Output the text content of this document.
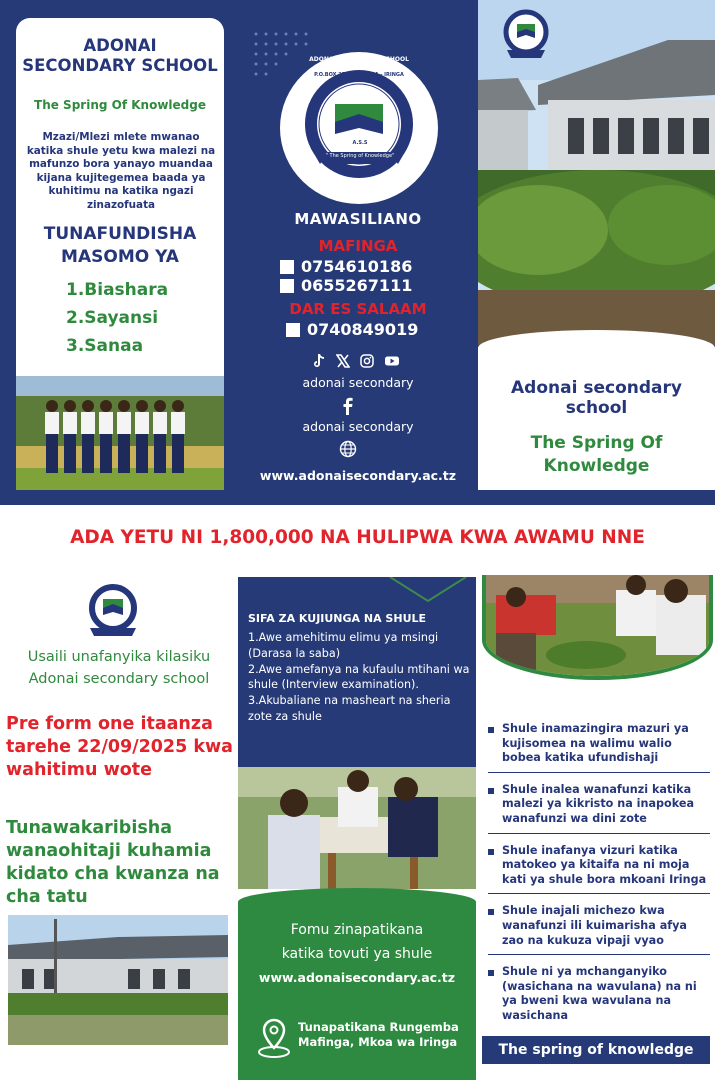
ADONAI
SECONDARY SCHOOL
The Spring Of Knowledge
Mzazi/Mlezi mlete mwanao katika shule yetu kwa malezi na mafunzo bora yanayo muandaa kijana kujitegemea baada ya kuhitimu na katika ngazi zinazofuata
TUNAFUNDISHA
MASOMO YA
1.Biashara
2.Sayansi
3.Sanaa
P.O.BOX 275, MAFINGA - IRINGA TANZANIA
ADONAI SECONDARY SCHOOL
" The Spring of Knowledge"
A.S.S
MAWASILIANO
MAFINGA
0754610186
0655267111
DAR ES SALAAM
0740849019
adonai secondary
adonai secondary
www.adonaisecondary.ac.tz
Adonai secondary school
The Spring Of Knowledge
ADA YETU NI 1,800,000 NA HULIPWA KWA AWAMU NNE
Usaili unafanyika kilasiku
Adonai secondary school
Pre form one itaanza tarehe 22/09/2025 kwa wahitimu wote
Tunawakaribisha wanaohitaji kuhamia kidato cha kwanza na cha tatu
SIFA ZA KUJIUNGA NA SHULE
1.Awe amehitimu elimu ya msingi (Darasa la saba)
2.Awe amefanya na kufaulu mtihani wa shule (Interview examination).
3.Akubaliane na masheart na sheria zote za shule
Fomu zinapatikana
katika tovuti ya shule
www.adonaisecondary.ac.tz
Tunapatikana Rungemba
Mafinga, Mkoa wa Iringa
Shule inamazingira mazuri ya kujisomea na walimu walio bobea katika ufundishaji
Shule inalea wanafunzi katika malezi ya kikristo na inapokea wanafunzi wa dini zote
Shule inafanya vizuri katika matokeo ya kitaifa na ni moja kati ya shule bora mkoani Iringa
Shule inajali michezo kwa wanafunzi ili kuimarisha afya zao na kukuza vipaji vyao
Shule ni ya mchanganyiko (wasichana na wavulana) na ni ya bweni kwa wavulana na wasichana
The spring of knowledge
